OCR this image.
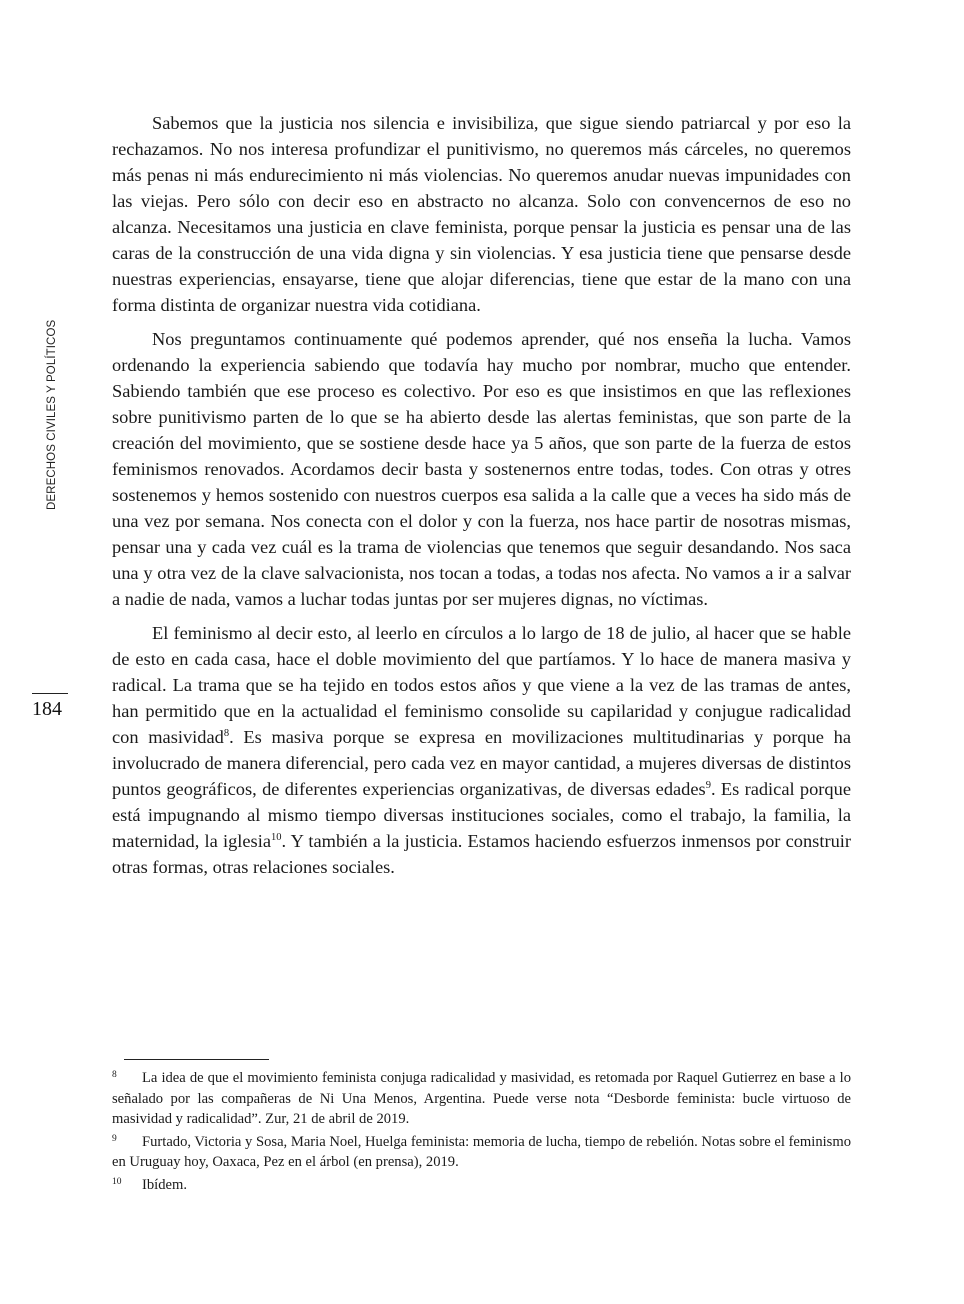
DERECHOS CIVILES Y POLÍTICOS
184

Sabemos que la justicia nos silencia e invisibiliza, que sigue siendo patriarcal y por eso la rechazamos. No nos interesa profundizar el punitivismo, no queremos más cárceles, no queremos más penas ni más endurecimiento ni más violencias. No queremos anudar nuevas impunidades con las viejas. Pero sólo con decir eso en abstracto no alcanza. Solo con convencernos de eso no alcanza. Necesitamos una justicia en clave feminista, porque pensar la justicia es pensar una de las caras de la construcción de una vida digna y sin violencias. Y esa justicia tiene que pensarse desde nuestras experiencias, ensayarse, tiene que alojar diferencias, tiene que estar de la mano con una forma distinta de organizar nuestra vida cotidiana.

Nos preguntamos continuamente qué podemos aprender, qué nos enseña la lucha. Vamos ordenando la experiencia sabiendo que todavía hay mucho por nombrar, mucho que entender. Sabiendo también que ese proceso es colectivo. Por eso es que insistimos en que las reflexiones sobre punitivismo parten de lo que se ha abierto desde las alertas feministas, que son parte de la creación del movimiento, que se sostiene desde hace ya 5 años, que son parte de la fuerza de estos feminismos renovados. Acordamos decir basta y sostenernos entre todas, todes. Con otras y otres sostenemos y hemos sostenido con nuestros cuerpos esa salida a la calle que a veces ha sido más de una vez por semana. Nos conecta con el dolor y con la fuerza, nos hace partir de nosotras mismas, pensar una y cada vez cuál es la trama de violencias que tenemos que seguir desandando. Nos saca una y otra vez de la clave salvacionista, nos tocan a todas, a todas nos afecta. No vamos a ir a salvar a nadie de nada, vamos a luchar todas juntas por ser mujeres dignas, no víctimas.

El feminismo al decir esto, al leerlo en círculos a lo largo de 18 de julio, al hacer que se hable de esto en cada casa, hace el doble movimiento del que partíamos. Y lo hace de manera masiva y radical. La trama que se ha tejido en todos estos años y que viene a la vez de las tramas de antes, han permitido que en la actualidad el feminismo consolide su capilaridad y conjugue radicalidad con masividad$^8$. Es masiva porque se expresa en movilizaciones multitudinarias y porque ha involucrado de manera diferencial, pero cada vez en mayor cantidad, a mujeres diversas de distintos puntos geográficos, de diferentes experiencias organizativas, de diversas edades$^9$. Es radical porque está impugnando al mismo tiempo diversas instituciones sociales, como el trabajo, la familia, la maternidad, la iglesia$^{10}$. Y también a la justicia. Estamos haciendo esfuerzos inmensos por construir otras formas, otras relaciones sociales.

8 La idea de que el movimiento feminista conjuga radicalidad y masividad, es retomada por Raquel Gutierrez en base a lo señalado por las compañeras de Ni Una Menos, Argentina. Puede verse nota “Desborde feminista: bucle virtuoso de masividad y radicalidad”. Zur, 21 de abril de 2019.
9 Furtado, Victoria y Sosa, Maria Noel, Huelga feminista: memoria de lucha, tiempo de rebelión. Notas sobre el feminismo en Uruguay hoy, Oaxaca, Pez en el árbol (en prensa), 2019.
10 Ibídem.
